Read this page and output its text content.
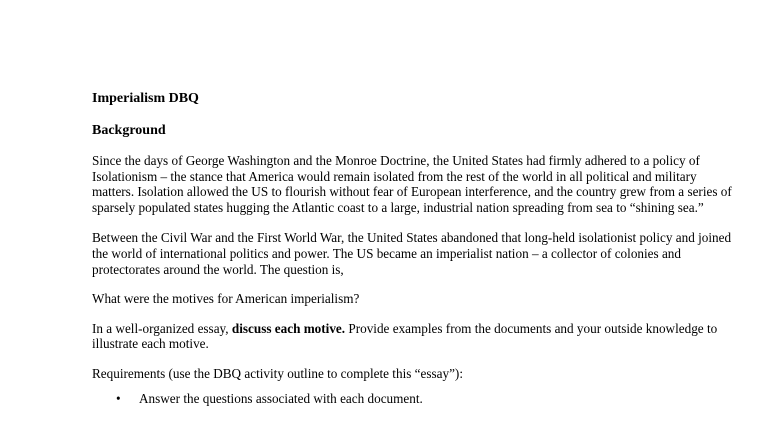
Imperialism DBQ
Background

Since the days of George Washington and the Monroe Doctrine, the United States had firmly adhered to a policy of Isolationism – the stance that America would remain isolated from the rest of the world in all political and military matters. Isolation allowed the US to flourish without fear of European interference, and the country grew from a series of sparsely populated states hugging the Atlantic coast to a large, industrial nation spreading from sea to “shining sea.”

Between the Civil War and the First World War, the United States abandoned that long-held isolationist policy and joined the world of international politics and power. The US became an imperialist nation – a collector of colonies and protectorates around the world. The question is,

What were the motives for American imperialism?

In a well-organized essay, discuss each motive. Provide examples from the documents and your outside knowledge to illustrate each motive.

Requirements (use the DBQ activity outline to complete this “essay”):

• Answer the questions associated with each document.
